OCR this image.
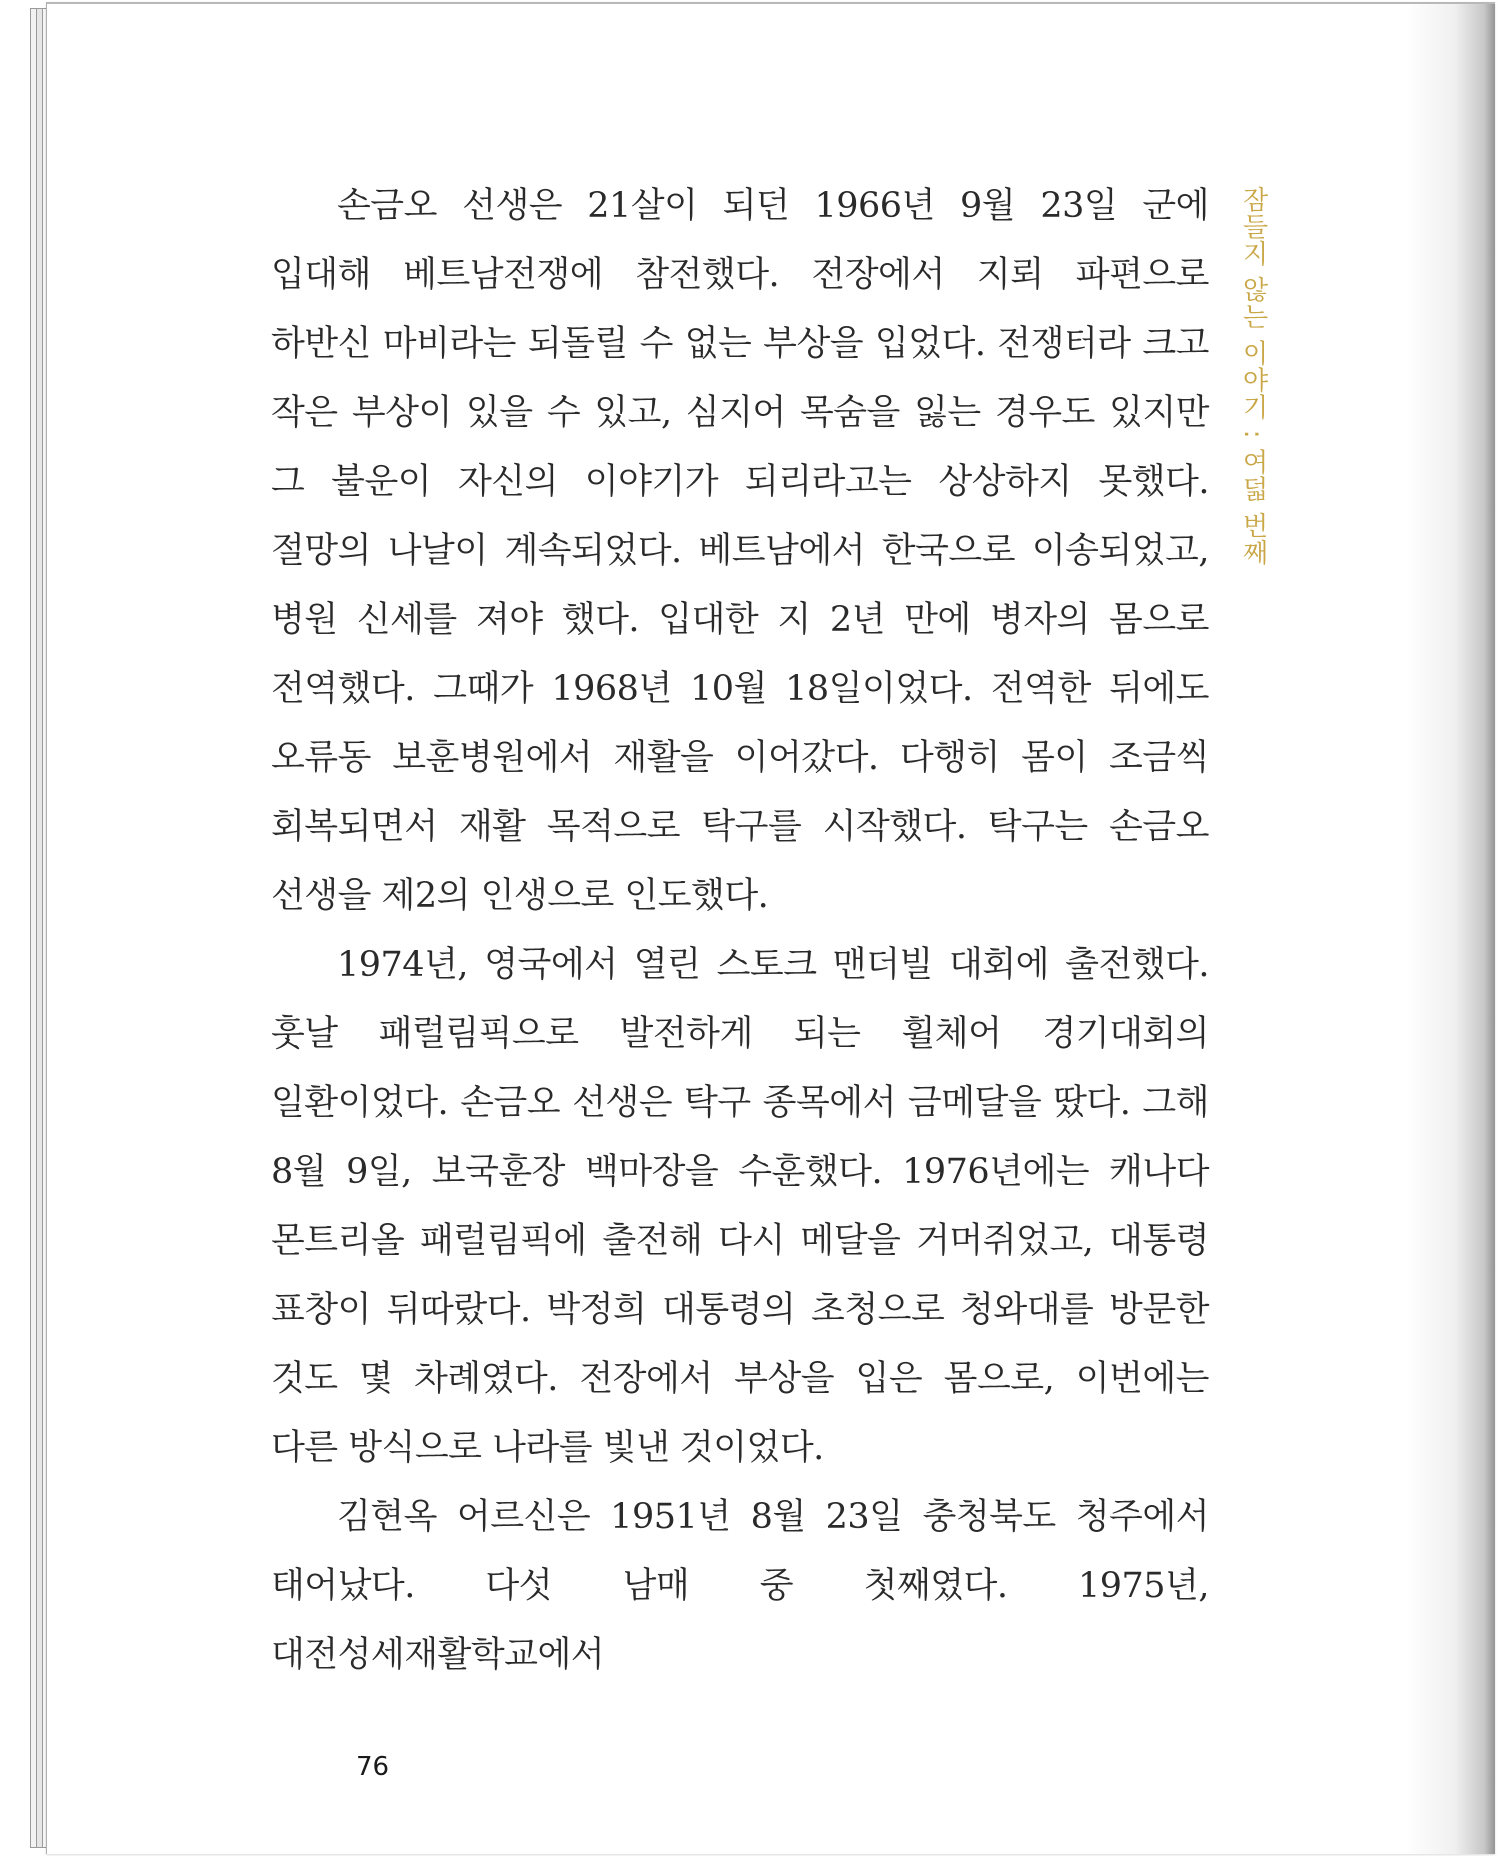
손금오 선생은 21살이 되던 1966년 9월 23일 군에 입대해 베트남전쟁에 참전했다. 전장에서 지뢰 파편으로 하반신 마비라는 되돌릴 수 없는 부상을 입었다. 전쟁터라 크고 작은 부상이 있을 수 있고, 심지어 목숨을 잃는 경우도 있지만 그 불운이 자신의 이야기가 되리라고는 상상하지 못했다. 절망의 나날이 계속되었다. 베트남에서 한국으로 이송되었고, 병원 신세를 져야 했다. 입대한 지 2년 만에 병자의 몸으로 전역했다. 그때가 1968년 10월 18일이었다. 전역한 뒤에도 오류동 보훈병원에서 재활을 이어갔다. 다행히 몸이 조금씩 회복되면서 재활 목적으로 탁구를 시작했다. 탁구는 손금오 선생을 제2의 인생으로 인도했다.

1974년, 영국에서 열린 스토크 맨더빌 대회에 출전했다. 훗날 패럴림픽으로 발전하게 되는 휠체어 경기대회의 일환이었다. 손금오 선생은 탁구 종목에서 금메달을 땄다. 그해 8월 9일, 보국훈장 백마장을 수훈했다. 1976년에는 캐나다 몬트리올 패럴림픽에 출전해 다시 메달을 거머쥐었고, 대통령 표창이 뒤따랐다. 박정희 대통령의 초청으로 청와대를 방문한 것도 몇 차례였다. 전장에서 부상을 입은 몸으로, 이번에는 다른 방식으로 나라를 빛낸 것이었다.

김현옥 어르신은 1951년 8월 23일 충청북도 청주에서 태어났다. 다섯 남매 중 첫째였다. 1975년, 대전성세재활학교에서

잠들지 않는 이야기 : 여덟 번째
76
